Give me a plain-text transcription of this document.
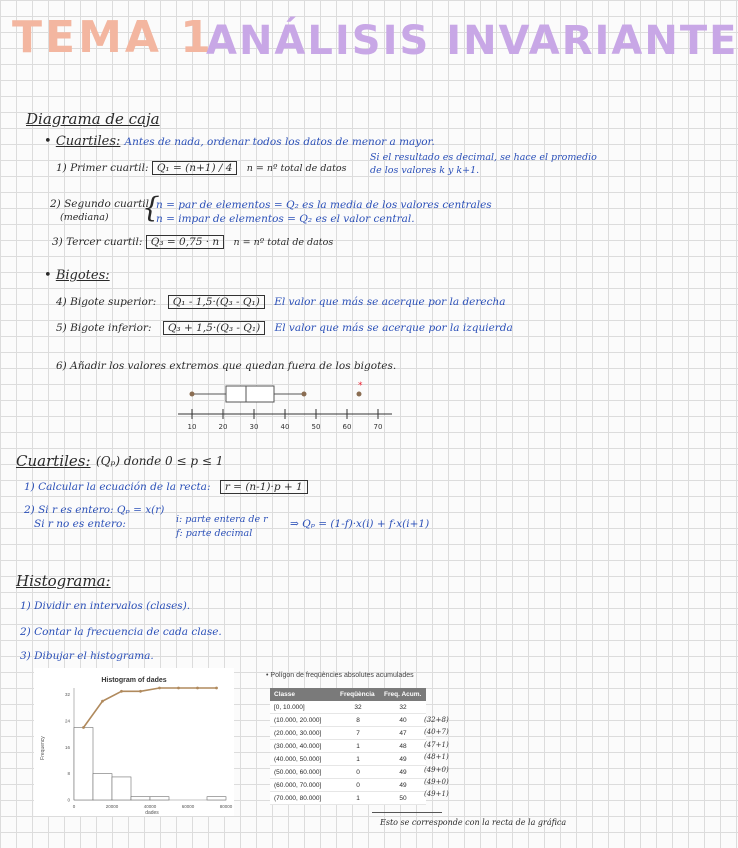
TEMA 1
ANÁLISIS INVARIANTE
Diagrama de caja
• Cuartiles: Antes de nada, ordenar todos los datos de menor a mayor.
1) Primer cuartil: Q₁ = (n+1) / 4 n = nº total de datos
Si el resultado es decimal, se hace el promedio
de los valores k y k+1.
2) Segundo cuartil
(mediana) {
n = par de elementos = Q₂ es la media de los valores centrales
n = impar de elementos = Q₂ es el valor central.
3) Tercer cuartil: Q₃ = 0,75 · n n = nº total de datos
• Bigotes:
4) Bigote superior: Q₁ - 1,5·(Q₃ - Q₁) El valor que más se acerque por la derecha
5) Bigote inferior: Q₃ + 1,5·(Q₃ - Q₁) El valor que más se acerque por la izquierda
6) Añadir los valores extremos que quedan fuera de los bigotes.
10	20	30	40	50	60	70
*
Cuartiles: (Qₚ) donde 0 ≤ p ≤ 1
1) Calcular la ecuación de la recta: r = (n-1)·p + 1
2) Si r es entero: Qₚ = x(r)
Si r no es entero:	i: parte entera de r
f: parte decimal
⇒ Qₚ = (1-f)·x(i) + f·x(i+1)
Histograma:
1) Dividir en intervalos (clases).
2) Contar la frecuencia de cada clase.
3) Dibujar el histograma.
Histogram of dades
dades
Frequency
0	20000	40000	60000	80000
0
8
16
24
32
• Polígon de freqüències absolutes acumulades
Classe	Freqüència	Freq. Acum.
[0, 10.000]	32	32
(10.000, 20.000]	8	40
(20.000, 30.000]	7	47
(30.000, 40.000]	1	48
(40.000, 50.000]	1	49
(50.000, 60.000]	0	49
(60.000, 70.000]	0	49
(70.000, 80.000]	1	50
(32+8)
(40+7)
(47+1)
(48+1)
(49+0)
(49+0)
(49+1)
Esto se corresponde con la recta de la gráfica
